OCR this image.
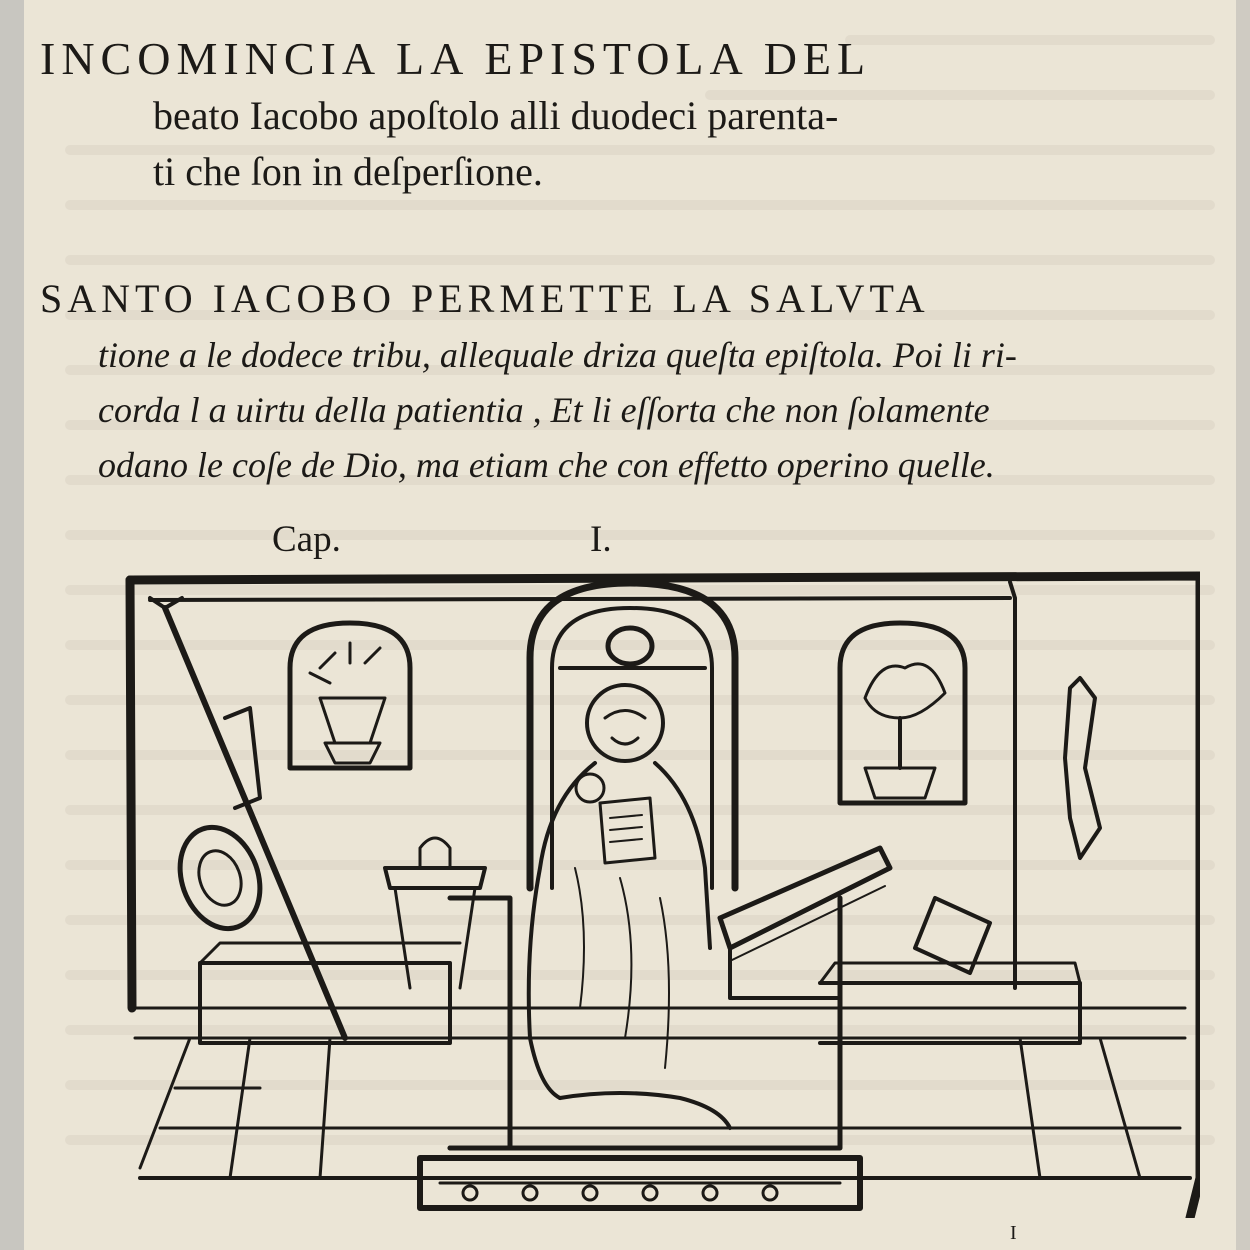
INCOMINCIA LA EPISTOLA DEL
beato Iacobo apoſtolo alli duodeci parenta-
ti che ſon in deſperſione.
SANTO IACOBO PERMETTE LA SALVTA
tione a le dodece tribu, allequale driza queſta epiſtola. Poi li ri-
corda l a uirtu della patientia , Et li eſſorta che non ſolamente
odano le coſe de Dio, ma etiam che con effetto operino quelle.
Cap.	I.
I
